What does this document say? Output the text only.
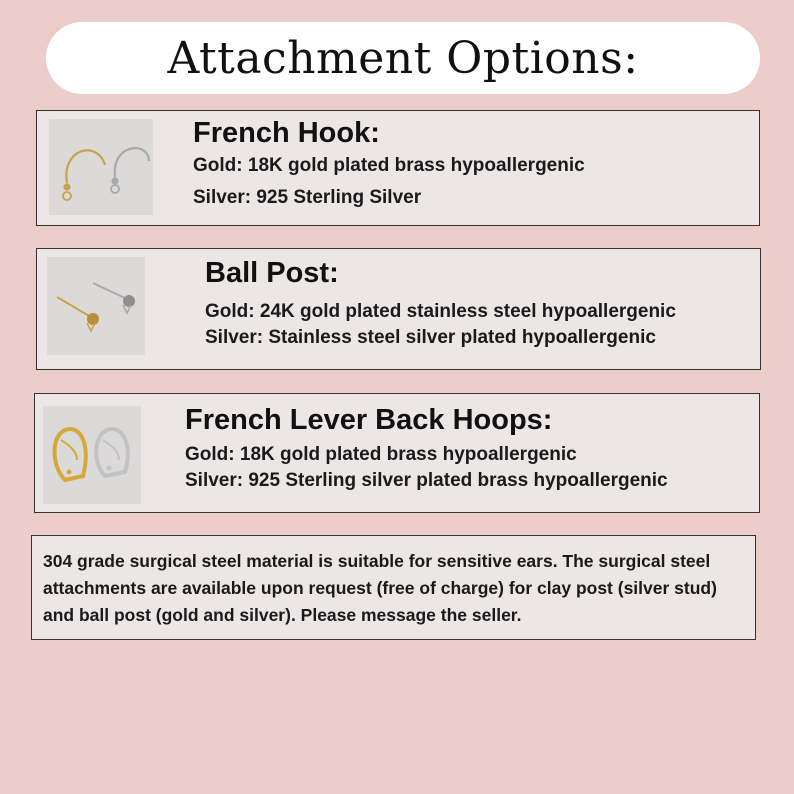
Attachment Options:
French Hook:
Gold: 18K gold plated brass hypoallergenic
Silver: 925 Sterling Silver
Ball Post:
Gold: 24K gold plated stainless steel hypoallergenic
Silver: Stainless steel silver plated hypoallergenic
French Lever Back Hoops:
Gold: 18K gold plated brass hypoallergenic
Silver: 925 Sterling silver plated brass hypoallergenic
304 grade surgical steel material is suitable for sensitive ears. The surgical steel attachments are available upon request (free of charge) for clay post (silver stud) and ball post (gold and silver). Please message the seller.
